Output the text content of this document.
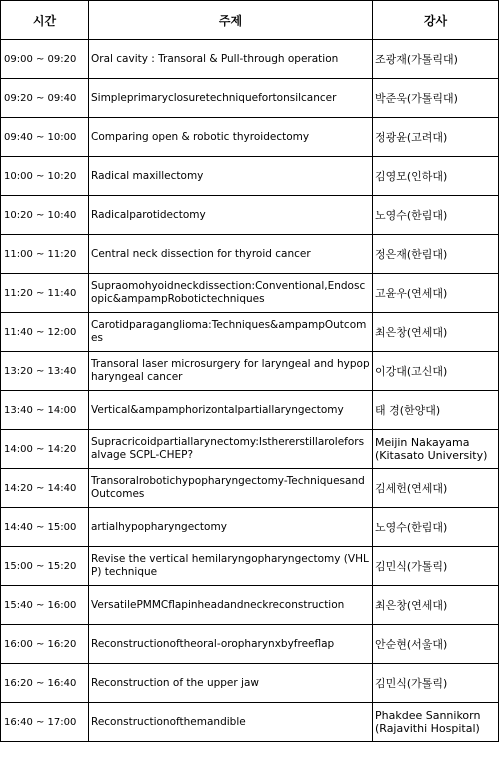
시간	주제	강사
09:00 ~ 09:20	Oral cavity : Transoral & Pull-through operation	조광재(가톨릭대)
09:20 ~ 09:40	Simpleprimaryclosuretechniquefortonsilcancer	박준욱(가톨릭대)
09:40 ~ 10:00	Comparing open & robotic thyroidectomy	정광윤(고려대)
10:00 ~ 10:20	Radical maxillectomy	김영모(인하대)
10:20 ~ 10:40	Radicalparotidectomy	노영수(한림대)
11:00 ~ 11:20	Central neck dissection for thyroid cancer	정은재(한림대)
11:20 ~ 11:40	Supraomohyoidneckdissection:Conventional,Endoscopic&ampampRobotictechniques	고윤우(연세대)
11:40 ~ 12:00	Carotidparaganglioma:Techniques&ampampOutcomes	최은창(연세대)
13:20 ~ 13:40	Transoral laser microsurgery for laryngeal and hypopharyngeal cancer	이강대(고신대)
13:40 ~ 14:00	Vertical&ampamphorizontalpartiallaryngectomy	태 경(한양대)
14:00 ~ 14:20	Supracricoidpartiallarynectomy:Isthererstillaroleforsalvage SCPL-CHEP?	Meijin Nakayama (Kitasato University)
14:20 ~ 14:40	Transoralrobotichypopharyngectomy-TechniquesandOutcomes	김세헌(연세대)
14:40 ~ 15:00	artialhypopharyngectomy	노영수(한림대)
15:00 ~ 15:20	Revise the vertical hemilaryngopharyngectomy (VHLP) technique	김민식(가톨릭)
15:40 ~ 16:00	VersatilePMMCflapinheadandneckreconstruction	최은창(연세대)
16:00 ~ 16:20	Reconstructionoftheoral-oropharynxbyfreeflap	안순현(서울대)
16:20 ~ 16:40	Reconstruction of the upper jaw	김민식(가톨릭)
16:40 ~ 17:00	Reconstructionofthemandible	Phakdee Sannikorn (Rajavithi Hospital)
